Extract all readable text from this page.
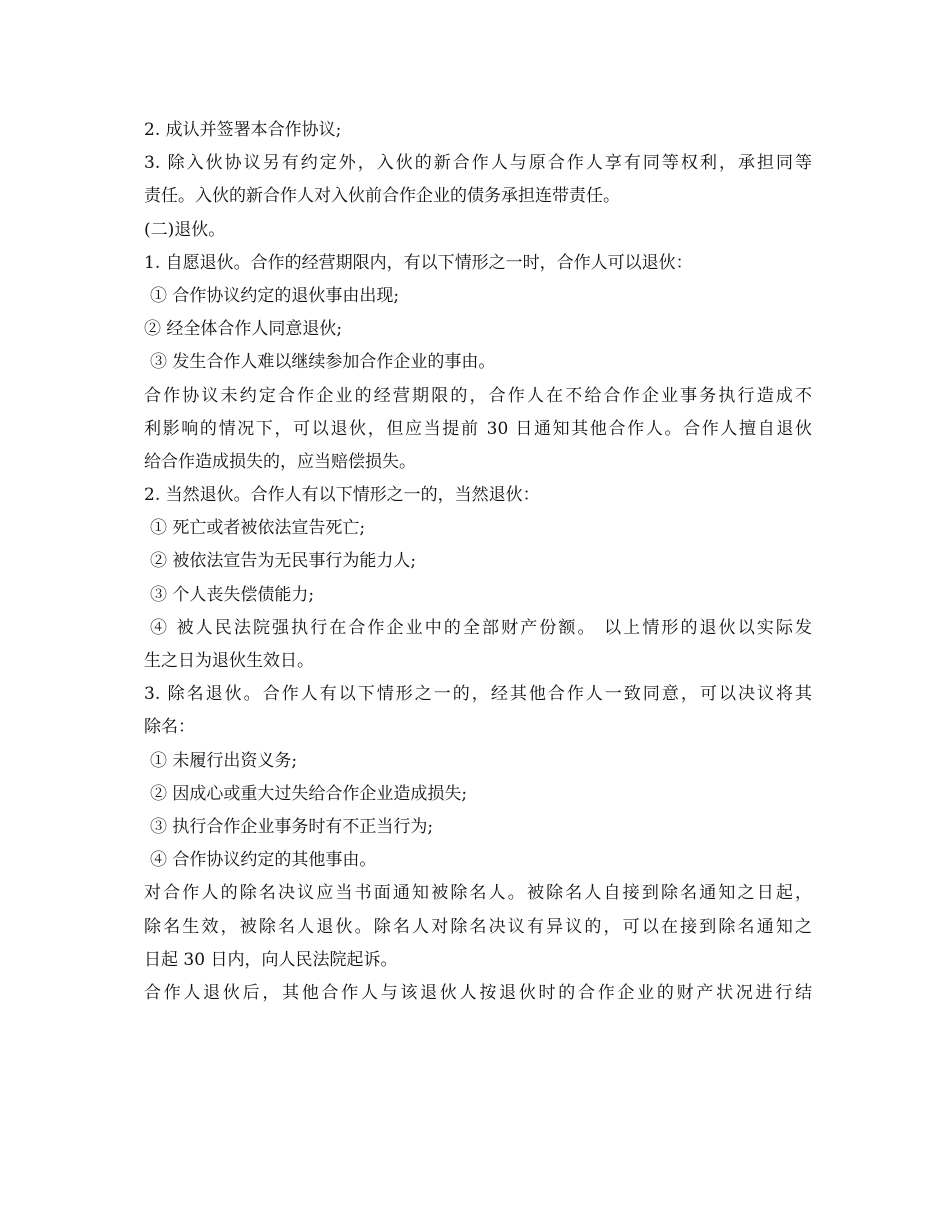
2. 成认并签署本合作协议;
3. 除入伙协议另有约定外，入伙的新合作人与原合作人享有同等权利，承担同等
责任。入伙的新合作人对入伙前合作企业的债务承担连带责任。
(二)退伙。
1. 自愿退伙。合作的经营期限内，有以下情形之一时，合作人可以退伙：
① 合作协议约定的退伙事由出现;
② 经全体合作人同意退伙;
③ 发生合作人难以继续参加合作企业的事由。
合作协议未约定合作企业的经营期限的，合作人在不给合作企业事务执行造成不
利影响的情况下，可以退伙，但应当提前 30 日通知其他合作人。合作人擅自退伙
给合作造成损失的，应当赔偿损失。
2. 当然退伙。合作人有以下情形之一的，当然退伙：
① 死亡或者被依法宣告死亡;
② 被依法宣告为无民事行为能力人;
③ 个人丧失偿债能力;
④ 被人民法院强执行在合作企业中的全部财产份额。 以上情形的退伙以实际发
生之日为退伙生效日。
3. 除名退伙。合作人有以下情形之一的，经其他合作人一致同意，可以决议将其
除名：
① 未履行出资义务;
② 因成心或重大过失给合作企业造成损失;
③ 执行合作企业事务时有不正当行为;
④ 合作协议约定的其他事由。
对合作人的除名决议应当书面通知被除名人。被除名人自接到除名通知之日起，
除名生效，被除名人退伙。除名人对除名决议有异议的，可以在接到除名通知之
日起 30 日内，向人民法院起诉。
合作人退伙后，其他合作人与该退伙人按退伙时的合作企业的财产状况进行结
